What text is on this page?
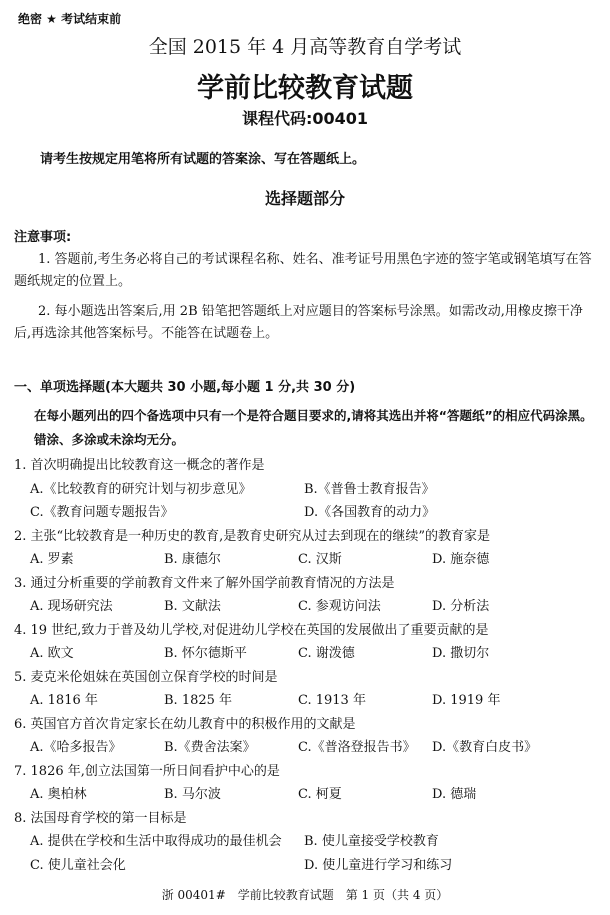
绝密 ★ 考试结束前
全国 2015 年 4 月高等教育自学考试
学前比较教育试题
课程代码:00401
请考生按规定用笔将所有试题的答案涂、写在答题纸上。
选择题部分
注意事项:
1. 答题前,考生务必将自己的考试课程名称、姓名、准考证号用黑色字迹的签字笔或钢笔填写在答题纸规定的位置上。
2. 每小题选出答案后,用 2B 铅笔把答题纸上对应题目的答案标号涂黑。如需改动,用橡皮擦干净后,再选涂其他答案标号。不能答在试题卷上。
一、单项选择题(本大题共 30 小题,每小题 1 分,共 30 分)
在每小题列出的四个备选项中只有一个是符合题目要求的,请将其选出并将“答题纸”的相应代码涂黑。错涂、多涂或未涂均无分。
1. 首次明确提出比较教育这一概念的著作是
A.《比较教育的研究计划与初步意见》	B.《普鲁士教育报告》
C.《教育问题专题报告》	D.《各国教育的动力》
2. 主张“比较教育是一种历史的教育,是教育史研究从过去到现在的继续”的教育家是
A. 罗素	B. 康德尔	C. 汉斯	D. 施奈德
3. 通过分析重要的学前教育文件来了解外国学前教育情况的方法是
A. 现场研究法	B. 文献法	C. 参观访问法	D. 分析法
4. 19 世纪,致力于普及幼儿学校,对促进幼儿学校在英国的发展做出了重要贡献的是
A. 欧文	B. 怀尔德斯平	C. 谢泼德	D. 撒切尔
5. 麦克米伦姐妹在英国创立保育学校的时间是
A. 1816 年	B. 1825 年	C. 1913 年	D. 1919 年
6. 英国官方首次肯定家长在幼儿教育中的积极作用的文献是
A.《哈多报告》	B.《费舍法案》	C.《普洛登报告书》	D.《教育白皮书》
7. 1826 年,创立法国第一所日间看护中心的是
A. 奥柏林	B. 马尔波	C. 柯夏	D. 德瑞
8. 法国母育学校的第一目标是
A. 提供在学校和生活中取得成功的最佳机会	B. 使儿童接受学校教育
C. 使儿童社会化	D. 使儿童进行学习和练习
浙 00401#　学前比较教育试题　第 1 页（共 4 页）
